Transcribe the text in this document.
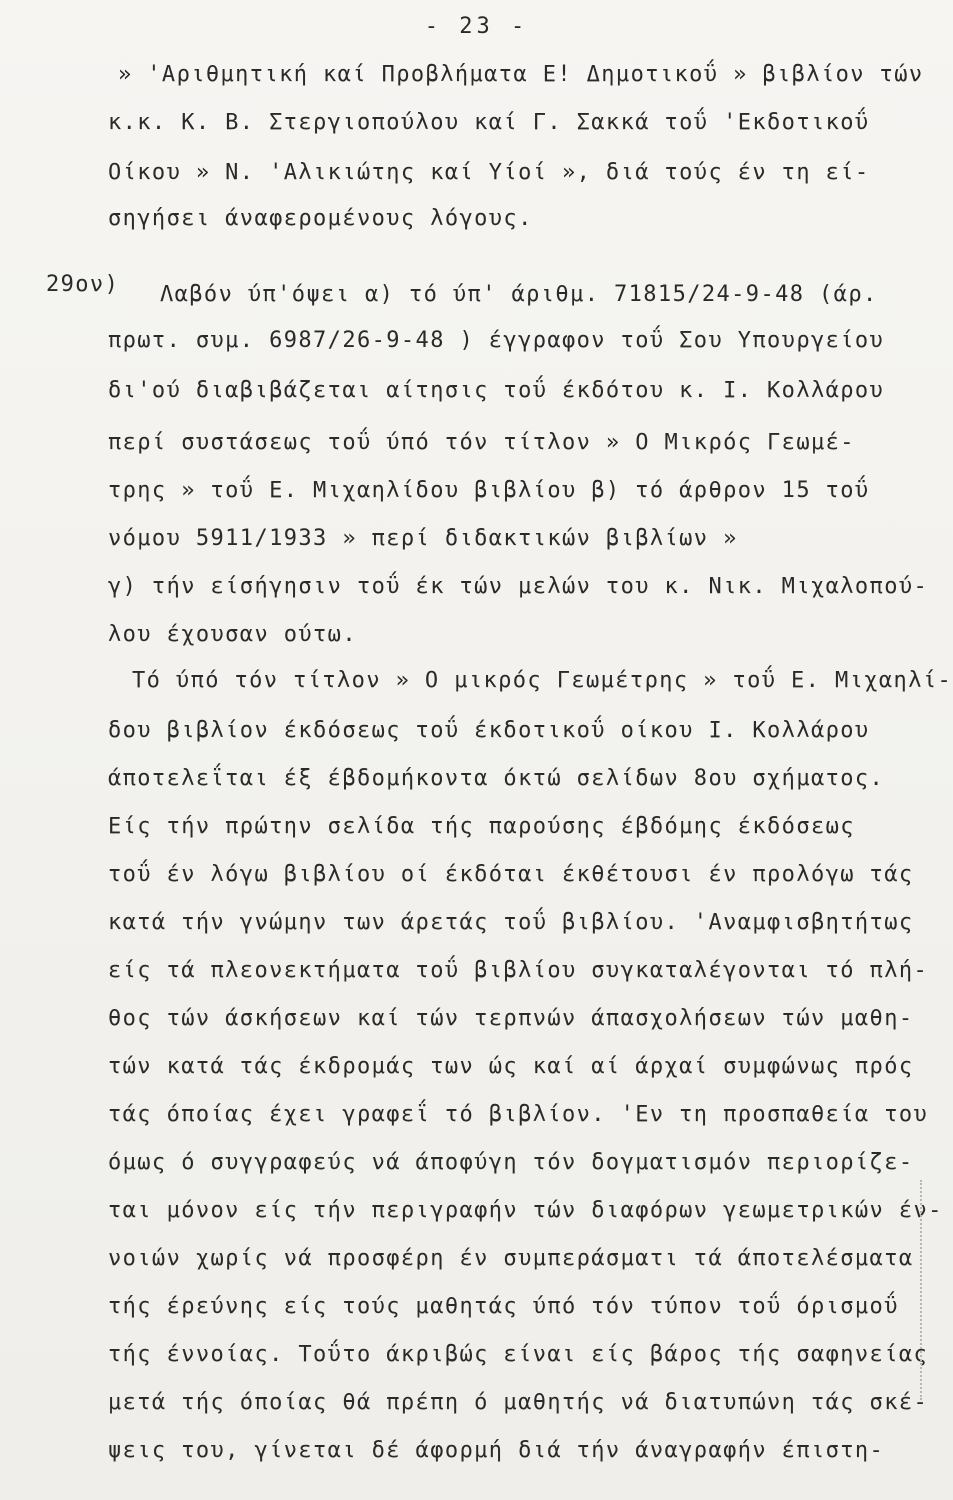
- 23 -
» 'Αριθμητική καί Προβλήματα Ε! Δημοτικοΰ » βιβλίον τών
κ.κ. Κ. Β. Στεργιοπούλου καί Γ. Σακκά τοΰ 'Εκδοτικοΰ
Οίκου » Ν. 'Αλικιώτης καί Υίοί », διά τούς έν τη εί-
σηγήσει άναφερομένους λόγους.
29ον) Λαβόν ύπ'όψει α) τό ύπ' άριθμ. 71815/24-9-48 (άρ.
πρωτ. συμ. 6987/26-9-48 ) έγγραφον τοΰ Σου Υπουργείου
δι'ού διαβιβάζεται αίτησις τοΰ έκδότου κ. Ι. Κολλάρου
περί συστάσεως τοΰ ύπό τόν τίτλον » Ο Μικρός Γεωμέ-
τρης » τοΰ Ε. Μιχαηλίδου βιβλίου β) τό άρθρον 15 τοΰ
νόμου 5911/1933 » περί διδακτικών βιβλίων »
γ) τήν είσήγησιν τοΰ έκ τών μελών του κ. Νικ. Μιχαλοπού-
λου έχουσαν ούτω.
Τό ύπό τόν τίτλον » Ο μικρός Γεωμέτρης » τοΰ Ε. Μιχαηλί-
δου βιβλίον έκδόσεως τοΰ έκδοτικοΰ οίκου Ι. Κολλάρου
άποτελεΐται έξ έβδομήκοντα όκτώ σελίδων 8ου σχήματος.
Είς τήν πρώτην σελίδα τής παρούσης έβδόμης έκδόσεως
τοΰ έν λόγω βιβλίου οί έκδόται έκθέτουσι έν προλόγω τάς
κατά τήν γνώμην των άρετάς τοΰ βιβλίου. 'Αναμφισβητήτως
είς τά πλεονεκτήματα τοΰ βιβλίου συγκαταλέγονται τό πλή-
θος τών άσκήσεων καί τών τερπνών άπασχολήσεων τών μαθη-
τών κατά τάς έκδρομάς των ώς καί αί άρχαί συμφώνως πρός
τάς όποίας έχει γραφεΐ τό βιβλίον. 'Εν τη προσπαθεία του
όμως ό συγγραφεύς νά άποφύγη τόν δογματισμόν περιορίζε-
ται μόνον είς τήν περιγραφήν τών διαφόρων γεωμετρικών έν-
νοιών χωρίς νά προσφέρη έν συμπεράσματι τά άποτελέσματα
τής έρεύνης είς τούς μαθητάς ύπό τόν τύπον τοΰ όρισμοΰ
τής έννοίας. Τοΰτο άκριβώς είναι είς βάρος τής σαφηνείας
μετά τής όποίας θά πρέπη ό μαθητής νά διατυπώνη τάς σκέ-
ψεις του, γίνεται δέ άφορμή διά τήν άναγραφήν έπιστη-
